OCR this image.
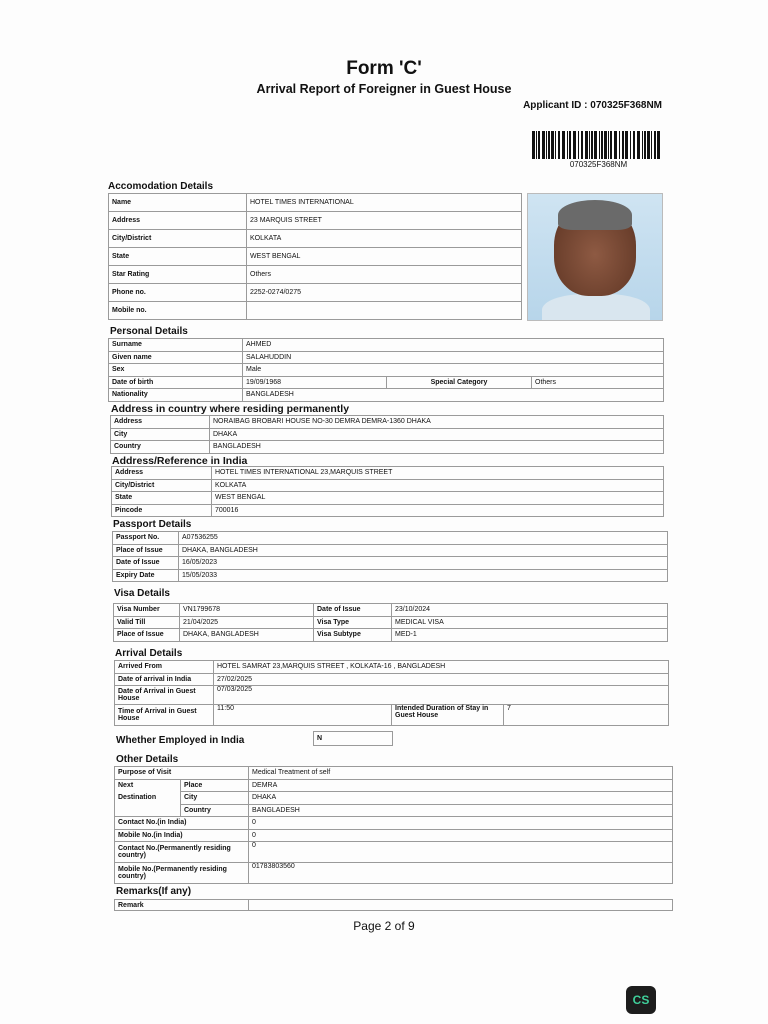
Form 'C'
Arrival Report of Foreigner in Guest House
Applicant ID : 070325F368NM
070325F368NM
Accomodation Details
Name	HOTEL TIMES INTERNATIONAL
Address	23 MARQUIS STREET
City/District	KOLKATA
State	WEST BENGAL
Star Rating	Others
Phone no.	2252-0274/0275
Mobile no.	
Personal Details
Surname	AHMED		
Given name	SALAHUDDIN		
Sex	Male		
Date of birth	19/09/1968	Special Category	Others
Nationality	BANGLADESH		
Address in country where residing permanently
Address	NORAIBAG BROBARI HOUSE NO-30 DEMRA DEMRA-1360 DHAKA
City	DHAKA
Country	BANGLADESH
Address/Reference in India
Address	HOTEL TIMES INTERNATIONAL 23,MARQUIS STREET
City/District	KOLKATA
State	WEST BENGAL
Pincode	700016
Passport Details
Passport No.	A07536255
Place of Issue	DHAKA, BANGLADESH
Date of Issue	16/05/2023
Expiry Date	15/05/2033
Visa Details
Visa Number	VN1799678	Date of Issue	23/10/2024
Valid Till	21/04/2025	Visa Type	MEDICAL VISA
Place of Issue	DHAKA, BANGLADESH	Visa Subtype	MED-1
Arrival Details
Arrived From	HOTEL SAMRAT 23,MARQUIS STREET , KOLKATA-16 , BANGLADESH		
Date of arrival in India	27/02/2025		
Date of Arrival in Guest House	07/03/2025		
Time of Arrival in Guest House	11:50	Intended Duration of Stay in Guest House	7
Whether Employed in India	N
Other Details
Purpose of Visit		Medical Treatment of self
Next	Place	DEMRA
Destination	City	DHAKA
	Country	BANGLADESH
Contact No.(in India)		0
Mobile No.(in India)		0
Contact No.(Permanently residing country)		0
Mobile No.(Permanently residing country)		01783803560
Remarks(If any)
Remark	
Page 2 of 9
CS
